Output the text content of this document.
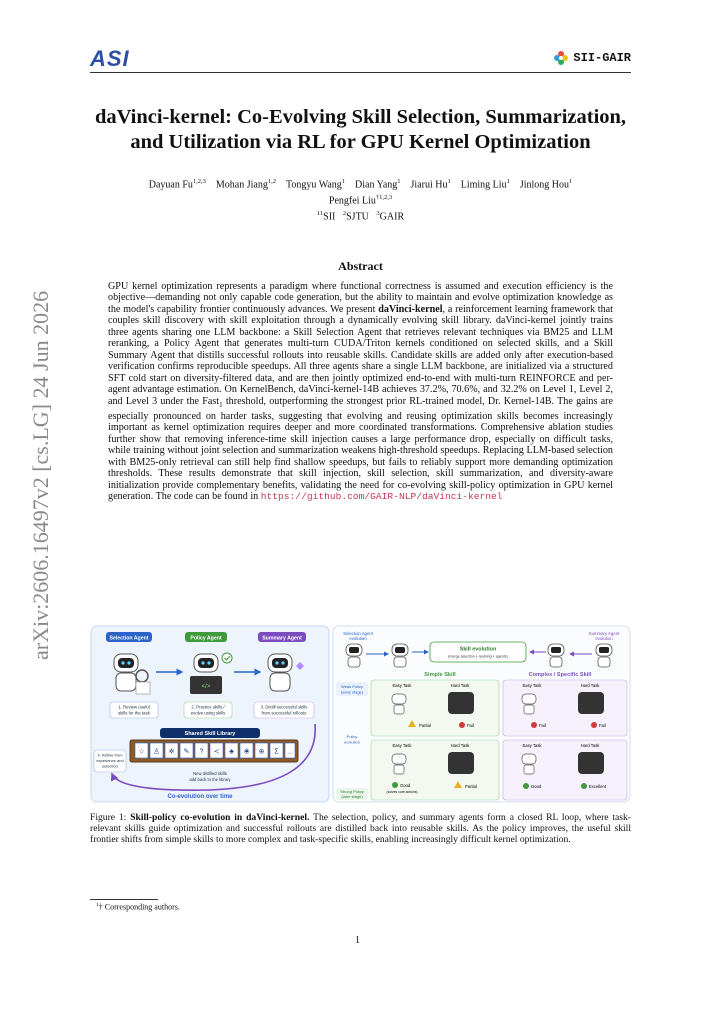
ASI	SII-GAIR
arXiv:2606.16497v2 [cs.LG] 24 Jun 2026
daVinci-kernel: Co-Evolving Skill Selection, Summarization,
and Utilization via RL for GPU Kernel Optimization
Dayuan Fu$^{1,2,3}$ Mohan Jiang$^{1,2}$ Tongyu Wang$^1$ Dian Yang$^1$ Jiarui Hu$^1$ Liming Liu$^1$ Jinlong Hou$^1$
Pengfei Liu$^{\dagger 1,2,3}$
$^{11}$SII $^2$SJTU $^3$GAIR
Abstract
GPU kernel optimization represents a paradigm where functional correctness is assumed and execution efficiency is the objective—demanding not only capable code generation, but the ability to maintain and evolve optimization knowledge as the model's capability frontier continuously advances. We present daVinci-kernel, a reinforcement learning framework that couples skill discovery with skill exploitation through a dynamically evolving skill library. daVinci-kernel jointly trains three agents sharing one LLM backbone: a Skill Selection Agent that retrieves relevant techniques via BM25 and LLM reranking, a Policy Agent that generates multi-turn CUDA/Triton kernels conditioned on selected skills, and a Skill Summary Agent that distills successful rollouts into reusable skills. Candidate skills are added only after execution-based verification confirms reproducible speedups. All three agents share a single LLM backbone, are initialized via a structured SFT cold start on diversity-filtered data, and are then jointly optimized end-to-end with multi-turn REINFORCE and per-agent advantage estimation. On KernelBench, daVinci-kernel-14B achieves 37.2%, 70.6%, and 32.2% on Level 1, Level 2, and Level 3 under the Fast$_1$ threshold, outperforming the strongest prior RL-trained model, Dr. Kernel-14B. The gains are especially pronounced on harder tasks, suggesting that evolving and reusing optimization skills becomes increasingly important as kernel optimization requires deeper and more coordinated transformations. Comprehensive ablation studies further show that removing inference-time skill injection causes a large performance drop, especially on difficult tasks, while training without joint selection and summarization weakens high-threshold speedups. Replacing LLM-based selection with BM25-only retrieval can still help find shallow speedups, but fails to reliably support more demanding optimization thresholds. These results demonstrate that skill injection, skill selection, skill summarization, and diversity-aware initialization provide complementary benefits, validating the need for co-evolving skill-policy optimization in GPU kernel generation. The code can be found in https://github.com/GAIR-NLP/daVinci-kernel
Selection Agent	Policy Agent	Summary Agent
</>
1. Review useful
skills for the task
2. Practice skills /
evolve using skills
3. Distill successful skills
from successful rollouts
4. Refine from
experience and
selection
Shared Skill Library
☆ ♙ ✲ ✎ ? ≺ ♣ ❀ ⊕ Σ …
New distilled skills
add back to the library
Co-evolution over time
Selection Agent
evolution
Summary Agent
evolution
Skill evolution
(merge selection + learning + agents)
Simple Skill	Complex / Specific Skill
Weak Policy
(early stage)
Policy
evolution
Strong Policy
(later stage)
Easy Task	Hard Task	Easy Task	Hard Task
Easy Task	Hard Task	Easy Task	Hard Task
Partial	Fail	Fail	Fail
Good
(solves core actions)
Partial	Good	Excellent
Figure 1: Skill-policy co-evolution in daVinci-kernel. The selection, policy, and summary agents form a closed RL loop, where task-relevant skills guide optimization and successful rollouts are distilled back into reusable skills. As the policy improves, the useful skill frontier shifts from simple skills to more complex and task-specific skills, enabling increasingly difficult kernel optimization.
$^1$† Corresponding authors.
1
